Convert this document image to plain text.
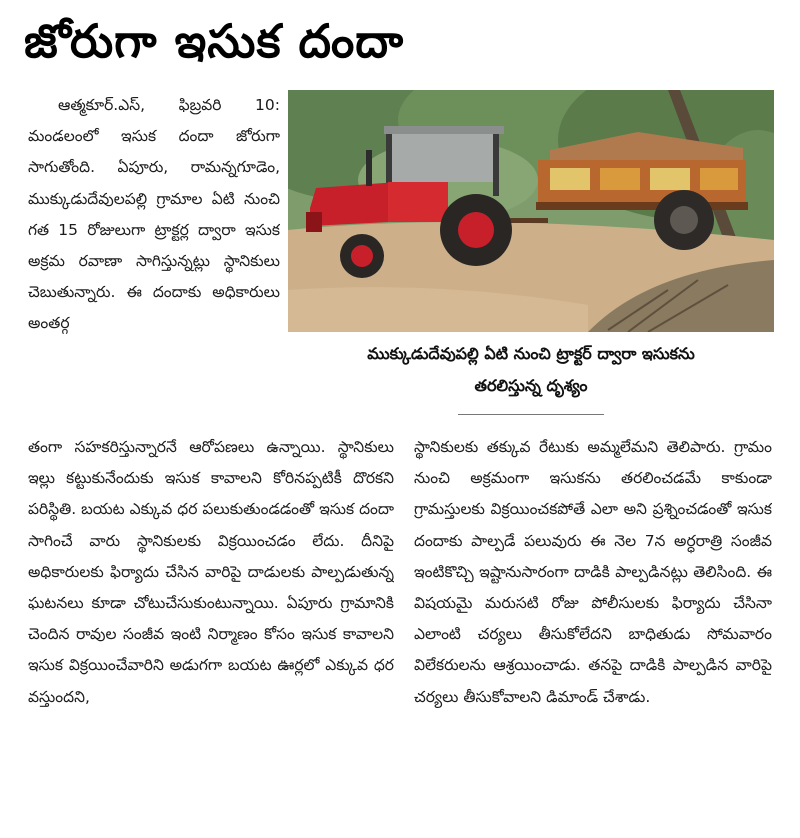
జోరుగా ఇసుక దందా

ఆత్మకూర్.ఎస్, ఫిబ్రవరి 10: మండలంలో ఇసుక దందా జోరుగా సాగుతోంది. ఏపూరు, రామన్నగూడెం, ముక్కుడుదేవులపల్లి గ్రామాల ఏటి నుంచి గత 15 రోజులుగా ట్రాక్టర్ల ద్వారా ఇసుక అక్రమ రవాణా సాగిస్తున్నట్లు స్థానికులు చెబుతున్నారు. ఈ దందాకు అధికారులు అంతర్గ

ముక్కుడుదేవుపల్లి ఏటి నుంచి ట్రాక్టర్ ద్వారా ఇసుకను
తరలిస్తున్న దృశ్యం

తంగా సహకరిస్తున్నారనే ఆరోపణలు ఉన్నాయి. స్థానికులు ఇల్లు కట్టుకునేందుకు ఇసుక కావాలని కోరినప్పటికీ దొరకని పరిస్థితి. బయట ఎక్కువ ధర పలుకుతుండడంతో ఇసుక దందా సాగించే వారు స్థానికులకు విక్రయించడం లేదు. దీనిపై అధికారులకు ఫిర్యాదు చేసిన వారిపై దాడులకు పాల్పడుతున్న ఘటనలు కూడా చోటుచేసుకుంటున్నాయి. ఏపూరు గ్రామానికి చెందిన రావుల సంజీవ ఇంటి నిర్మాణం కోసం ఇసుక కావాలని ఇసుక విక్రయించేవారిని అడుగగా బయట ఊర్లలో ఎక్కువ ధర వస్తుందని,

స్థానికులకు తక్కువ రేటుకు అమ్మలేమని తెలిపారు. గ్రామం నుంచి అక్రమంగా ఇసుకను తరలించడమే కాకుండా గ్రామస్తులకు విక్రయించకపోతే ఎలా అని ప్రశ్నించడంతో ఇసుక దందాకు పాల్పడే పలువురు ఈ నెల 7న అర్ధరాత్రి సంజీవ ఇంటికొచ్చి ఇష్టానుసారంగా దాడికి పాల్పడినట్లు తెలిసింది. ఈ విషయమై మరుసటి రోజు పోలీసులకు ఫిర్యాదు చేసినా ఎలాంటి చర్యలు తీసుకోలేదని బాధితుడు సోమవారం విలేకరులను ఆశ్రయించాడు. తనపై దాడికి పాల్పడిన వారిపై చర్యలు తీసుకోవాలని డిమాండ్ చేశాడు.
